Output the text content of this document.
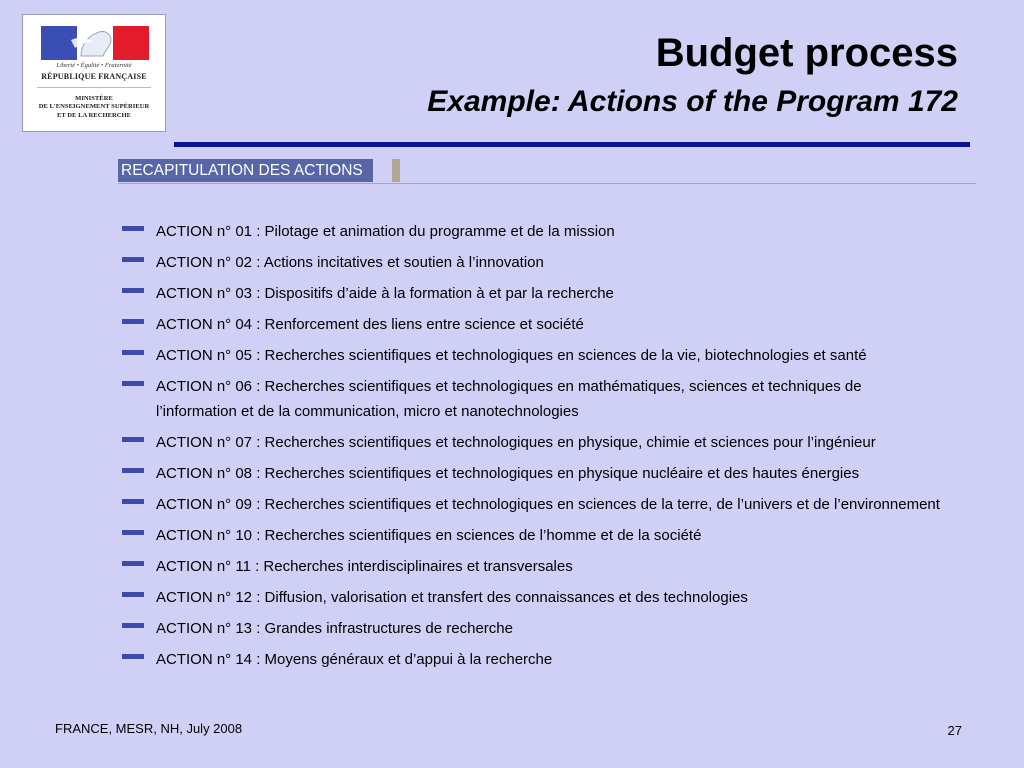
Liberté • Égalité • Fraternité
RÉPUBLIQUE FRANÇAISE
MINISTÈRE
DE L'ENSEIGNEMENT SUPÉRIEUR
ET DE LA RECHERCHE
Budget process
Example: Actions of the Program 172
RECAPITULATION DES ACTIONS
ACTION n° 01 : Pilotage et animation du programme et de la mission
ACTION n° 02 : Actions incitatives et soutien à l’innovation
ACTION n° 03 : Dispositifs d’aide à la formation à et par la recherche
ACTION n° 04 : Renforcement des liens entre science et société
ACTION n° 05 : Recherches scientifiques et technologiques en sciences de la vie, biotechnologies et santé
ACTION n° 06 : Recherches scientifiques et technologiques en mathématiques, sciences et techniques de l’information et de la communication, micro et nanotechnologies
ACTION n° 07 : Recherches scientifiques et technologiques en physique, chimie et sciences pour l’ingénieur
ACTION n° 08 : Recherches scientifiques et technologiques en physique nucléaire et des hautes énergies
ACTION n° 09 : Recherches scientifiques et technologiques en sciences de la terre, de l’univers et de l’environnement
ACTION n° 10 : Recherches scientifiques en sciences de l’homme et de la société
ACTION n° 11 : Recherches interdisciplinaires et transversales
ACTION n° 12 : Diffusion, valorisation et transfert des connaissances et des technologies
ACTION n° 13 : Grandes infrastructures de recherche
ACTION n° 14 : Moyens généraux et d’appui à la recherche
FRANCE, MESR, NH, July 2008	27
